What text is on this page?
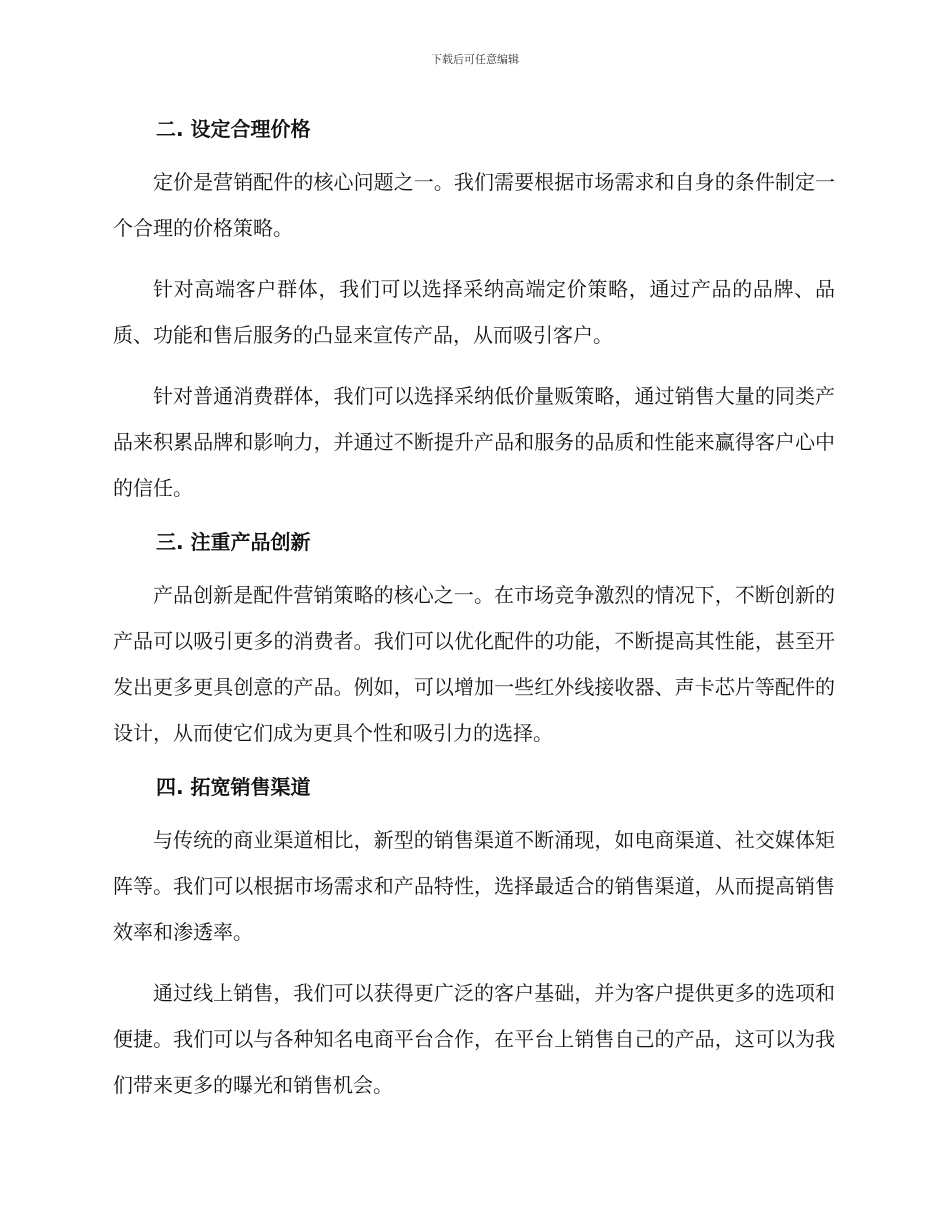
下载后可任意编辑
二. 设定合理价格

定价是营销配件的核心问题之一。我们需要根据市场需求和自身的条件制定一个合理的价格策略。

针对高端客户群体，我们可以选择采纳高端定价策略，通过产品的品牌、品质、功能和售后服务的凸显来宣传产品，从而吸引客户。

针对普通消费群体，我们可以选择采纳低价量贩策略，通过销售大量的同类产品来积累品牌和影响力，并通过不断提升产品和服务的品质和性能来赢得客户心中的信任。

三. 注重产品创新

产品创新是配件营销策略的核心之一。在市场竞争激烈的情况下，不断创新的产品可以吸引更多的消费者。我们可以优化配件的功能，不断提高其性能，甚至开发出更多更具创意的产品。例如，可以增加一些红外线接收器、声卡芯片等配件的设计，从而使它们成为更具个性和吸引力的选择。

四. 拓宽销售渠道

与传统的商业渠道相比，新型的销售渠道不断涌现，如电商渠道、社交媒体矩阵等。我们可以根据市场需求和产品特性，选择最适合的销售渠道，从而提高销售效率和渗透率。

通过线上销售，我们可以获得更广泛的客户基础，并为客户提供更多的选项和便捷。我们可以与各种知名电商平台合作，在平台上销售自己的产品，这可以为我们带来更多的曝光和销售机会。
